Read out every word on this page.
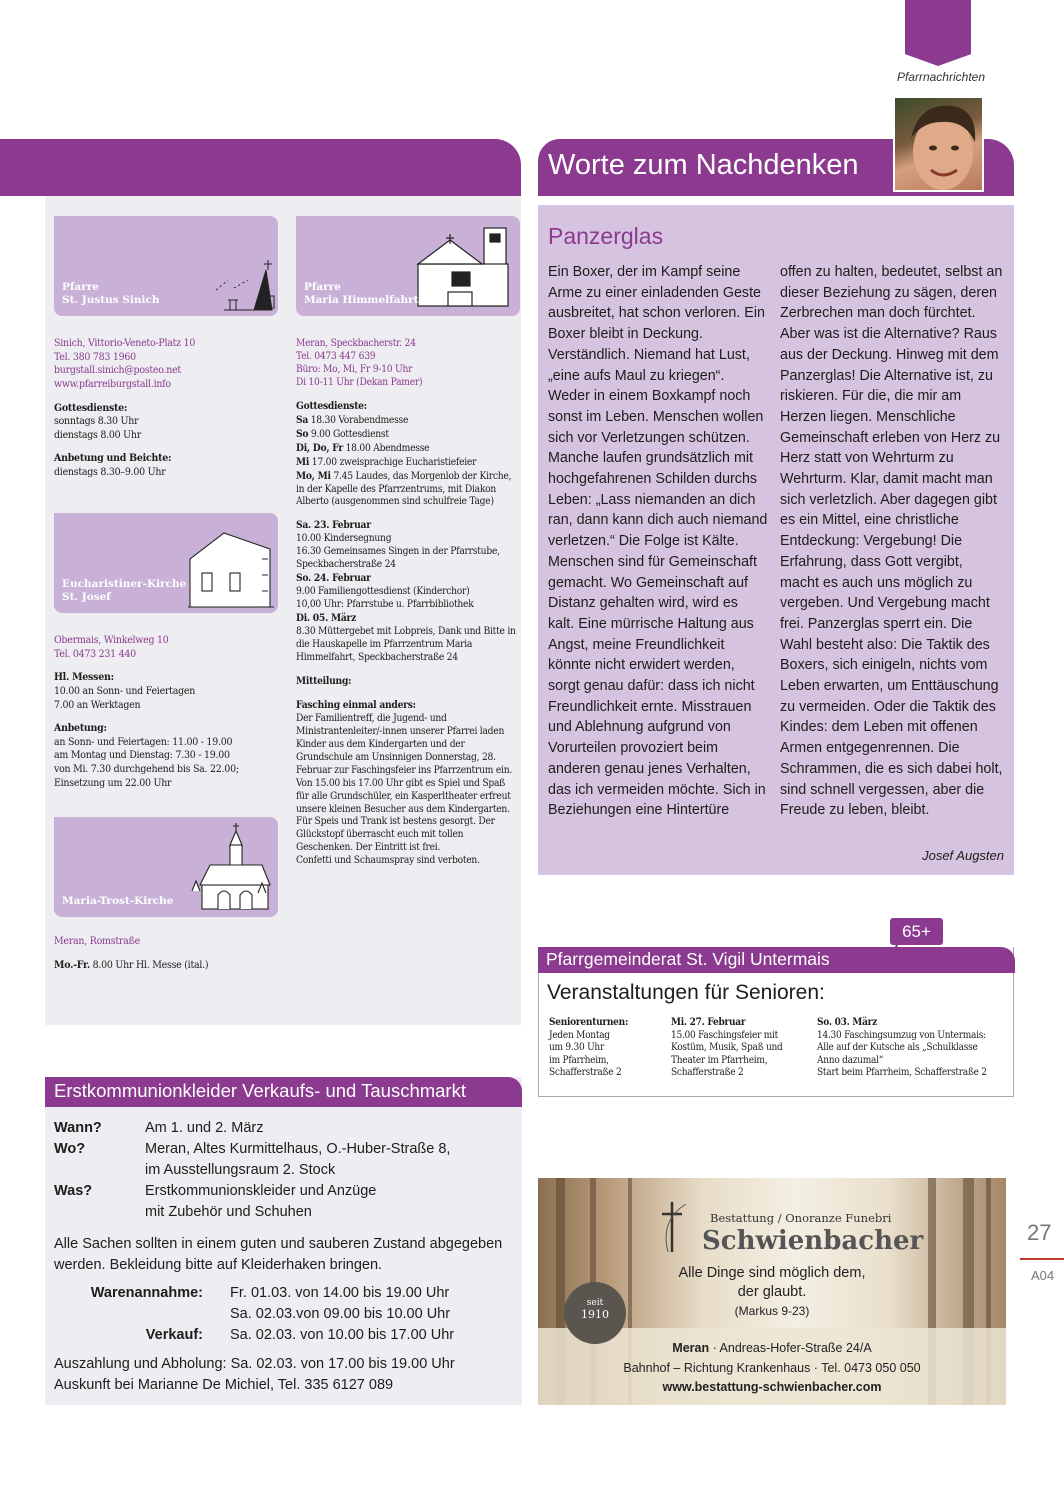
Pfarrnachrichten
Pfarre
St. Justus Sinich
Pfarre
Maria Himmelfahrt
Eucharistiner-Kirche
St. Josef
Maria-Trost-Kirche

Sinich, Vittorio-Veneto-Platz 10
Tel. 380 783 1960
burgstall.sinich@posteo.net
www.pfarreiburgstall.info

Gottesdienste:
sonntags 8.30 Uhr
dienstags 8.00 Uhr

Anbetung und Beichte:
dienstags 8.30–9.00 Uhr

Obermais, Winkelweg 10
Tel. 0473 231 440

Hl. Messen:
10.00 an Sonn- und Feiertagen
7.00 an Werktagen

Anbetung:
an Sonn- und Feiertagen: 11.00 - 19.00
am Montag und Dienstag: 7.30 - 19.00
von Mi. 7.30 durchgehend bis Sa. 22.00;
Einsetzung um 22.00 Uhr

Meran, Romstraße

Mo.-Fr. 8.00 Uhr Hl. Messe (ital.)

Meran, Speckbacherstr. 24
Tel. 0473 447 639
Büro: Mo, Mi, Fr 9-10 Uhr
Di 10-11 Uhr (Dekan Pamer)

Gottesdienste:
Sa 18.30 Vorabendmesse
So 9.00 Gottesdienst
Di, Do, Fr 18.00 Abendmesse
Mi 17.00 zweisprachige Eucharistiefeier
Mo, Mi 7.45 Laudes, das Morgenlob der Kirche, in der Kapelle des Pfarrzentrums, mit Diakon Alberto (ausgenommen sind schulfreie Tage)

Sa. 23. Februar
10.00 Kindersegnung
16.30 Gemeinsames Singen in der Pfarrstube, Speckbacherstraße 24
So. 24. Februar
9.00 Familiengottesdienst (Kinderchor)
10,00 Uhr: Pfarrstube u. Pfarrbibliothek
Di. 05. März
8.30 Müttergebet mit Lobpreis, Dank und Bitte in die Hauskapelle im Pfarrzentrum Maria Himmelfahrt, Speckbacherstraße 24

Mitteilung:

Fasching einmal anders:
Der Familientreff, die Jugend- und Ministrantenleiter/-innen unserer Pfarrei laden Kinder aus dem Kindergarten und der Grundschule am Unsinnigen Donnerstag, 28. Februar zur Faschingsfeier ins Pfarrzentrum ein. Von 15.00 bis 17.00 Uhr gibt es Spiel und Spaß für alle Grundschüler, ein Kasperltheater erfreut unsere kleinen Besucher aus dem Kindergarten.
Für Speis und Trank ist bestens gesorgt. Der Glückstopf überrascht euch mit tollen Geschenken. Der Eintritt ist frei.
Confetti und Schaumspray sind verboten.

Worte zum Nachdenken
Panzerglas
Ein Boxer, der im Kampf seine Arme zu einer einladenden Geste ausbreitet, hat schon verloren. Ein Boxer bleibt in Deckung. Verständlich. Niemand hat Lust, „eine aufs Maul zu kriegen“. Weder in einem Boxkampf noch sonst im Leben. Menschen wollen sich vor Verletzungen schützen. Manche laufen grundsätzlich mit hochgefahrenen Schilden durchs Leben: „Lass niemanden an dich ran, dann kann dich auch niemand verletzen.“ Die Folge ist Kälte. Menschen sind für Gemeinschaft gemacht. Wo Gemeinschaft auf Distanz gehalten wird, wird es kalt. Eine mürrische Haltung aus Angst, meine Freundlichkeit könnte nicht erwidert werden, sorgt genau dafür: dass ich nicht Freundlichkeit ernte. Misstrauen und Ablehnung aufgrund von Vorurteilen provoziert beim anderen genau jenes Verhalten, das ich vermeiden möchte. Sich in Beziehungen eine Hintertüre
offen zu halten, bedeutet, selbst an dieser Beziehung zu sägen, deren Zerbrechen man doch fürchtet. Aber was ist die Alternative? Raus aus der Deckung. Hinweg mit dem Panzerglas! Die Alternative ist, zu riskieren. Für die, die mir am Herzen liegen. Menschliche Gemeinschaft erleben von Herz zu Herz statt von Wehrturm zu Wehrturm. Klar, damit macht man sich verletzlich. Aber dagegen gibt es ein Mittel, eine christliche Entdeckung: Vergebung! Die Erfahrung, dass Gott vergibt, macht es auch uns möglich zu vergeben. Und Vergebung macht frei. Panzerglas sperrt ein. Die Wahl besteht also: Die Taktik des Boxers, sich einigeln, nichts vom Leben erwarten, um Enttäuschung zu vermeiden. Oder die Taktik des Kindes: dem Leben mit offenen Armen entgegenrennen. Die Schrammen, die es sich dabei holt, sind schnell vergessen, aber die Freude zu leben, bleibt.
Josef Augsten
65+
Pfarrgemeinderat St. Vigil Untermais
Veranstaltungen für Senioren:
Seniorenturnen:
Jeden Montag
um 9.30 Uhr
im Pfarrheim,
Schafferstraße 2
Mi. 27. Februar
15.00 Faschingsfeier mit
Kostüm, Musik, Spaß und
Theater im Pfarrheim,
Schafferstraße 2
So. 03. März
14.30 Faschingsumzug von Untermais:
Alle auf der Kutsche als „Schulklasse
Anno dazumal“
Start beim Pfarrheim, Schafferstraße 2
Erstkommunionkleider Verkaufs- und Tauschmarkt
Wann?	Am 1. und 2. März
Wo?	Meran, Altes Kurmittelhaus, O.-Huber-Straße 8,
im Ausstellungsraum 2. Stock
Was?	Erstkommunionskleider und Anzüge
mit Zubehör und Schuhen
Alle Sachen sollten in einem guten und sauberen Zustand abgegeben werden. Bekleidung bitte auf Kleiderhaken bringen.
Warenannahme: Fr. 01.03. von 14.00 bis 19.00 Uhr
Sa. 02.03.von 09.00 bis 10.00 Uhr
Verkauf: Sa. 02.03. von 10.00 bis 17.00 Uhr
Auszahlung und Abholung: Sa. 02.03. von 17.00 bis 19.00 Uhr
Auskunft bei Marianne De Michiel, Tel. 335 6127 089
Bestattung / Onoranze Funebri
Schwienbacher
Alle Dinge sind möglich dem,
der glaubt.
(Markus 9-23)
seit
1910
Meran · Andreas-Hofer-Straße 24/A
Bahnhof – Richtung Krankenhaus · Tel. 0473 050 050
www.bestattung-schwienbacher.com
27
A04
